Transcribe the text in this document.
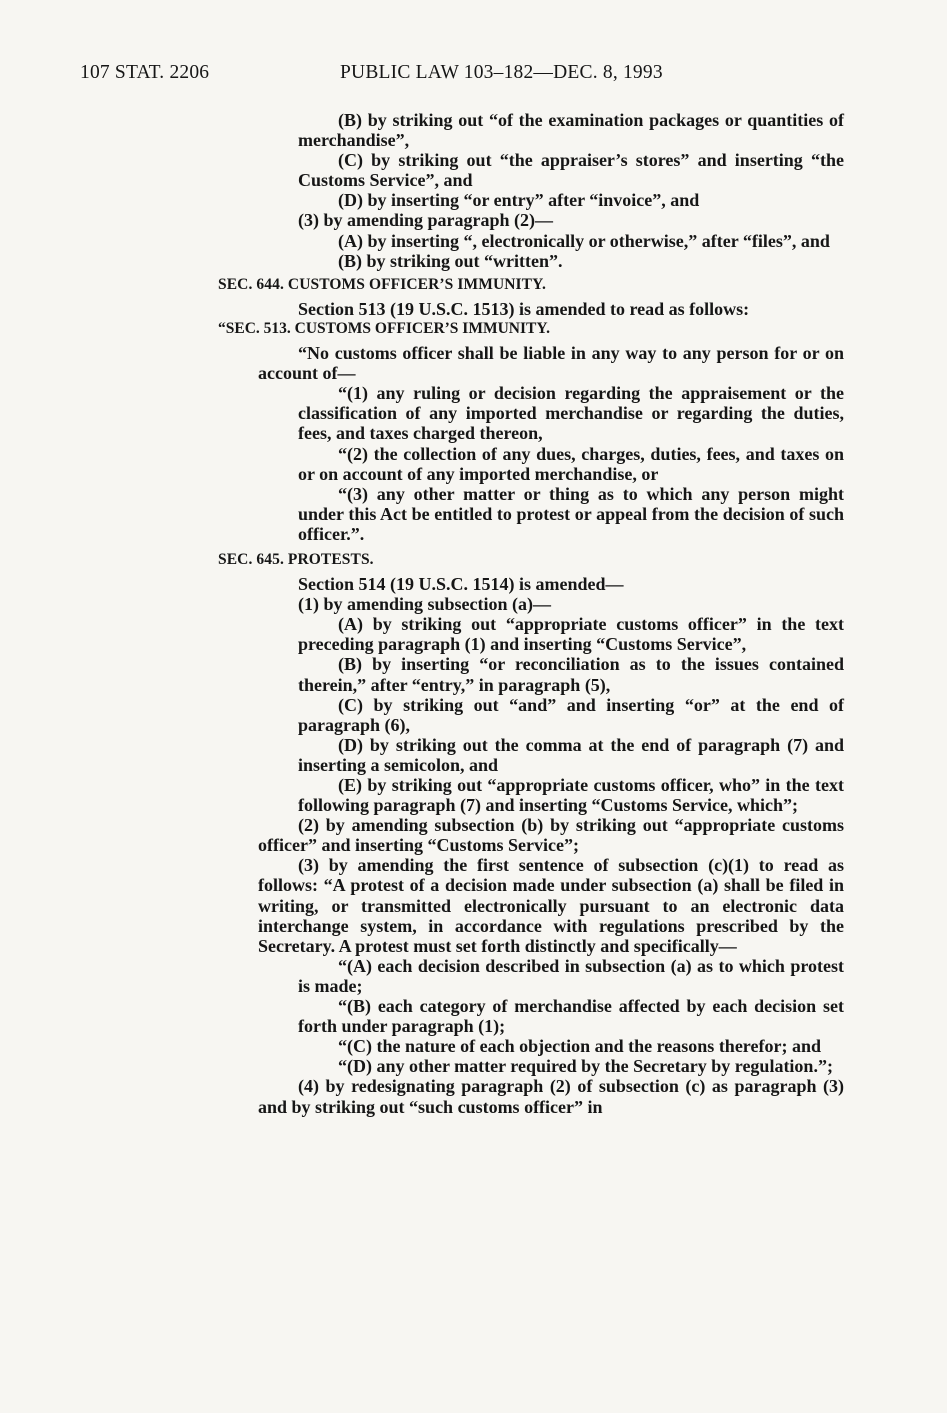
107 STAT. 2206	PUBLIC LAW 103–182—DEC. 8, 1993

(B) by striking out “of the examination packages or quantities of merchandise”,

(C) by striking out “the appraiser’s stores” and inserting “the Customs Service”, and

(D) by inserting “or entry” after “invoice”, and

(3) by amending paragraph (2)—

(A) by inserting “, electronically or otherwise,” after “files”, and

(B) by striking out “written”.

SEC. 644. CUSTOMS OFFICER’S IMMUNITY.

Section 513 (19 U.S.C. 1513) is amended to read as follows:

“SEC. 513. CUSTOMS OFFICER’S IMMUNITY.

“No customs officer shall be liable in any way to any person for or on account of—

“(1) any ruling or decision regarding the appraisement or the classification of any imported merchandise or regarding the duties, fees, and taxes charged thereon,

“(2) the collection of any dues, charges, duties, fees, and taxes on or on account of any imported merchandise, or

“(3) any other matter or thing as to which any person might under this Act be entitled to protest or appeal from the decision of such officer.”.

SEC. 645. PROTESTS.

Section 514 (19 U.S.C. 1514) is amended—

(1) by amending subsection (a)—

(A) by striking out “appropriate customs officer” in the text preceding paragraph (1) and inserting “Customs Service”,

(B) by inserting “or reconciliation as to the issues contained therein,” after “entry,” in paragraph (5),

(C) by striking out “and” and inserting “or” at the end of paragraph (6),

(D) by striking out the comma at the end of paragraph (7) and inserting a semicolon, and

(E) by striking out “appropriate customs officer, who” in the text following paragraph (7) and inserting “Customs Service, which”;

(2) by amending subsection (b) by striking out “appropriate customs officer” and inserting “Customs Service”;

(3) by amending the first sentence of subsection (c)(1) to read as follows: “A protest of a decision made under subsection (a) shall be filed in writing, or transmitted electronically pursuant to an electronic data interchange system, in accordance with regulations prescribed by the Secretary. A protest must set forth distinctly and specifically—

“(A) each decision described in subsection (a) as to which protest is made;

“(B) each category of merchandise affected by each decision set forth under paragraph (1);

“(C) the nature of each objection and the reasons therefor; and

“(D) any other matter required by the Secretary by regulation.”;

(4) by redesignating paragraph (2) of subsection (c) as paragraph (3) and by striking out “such customs officer” in
